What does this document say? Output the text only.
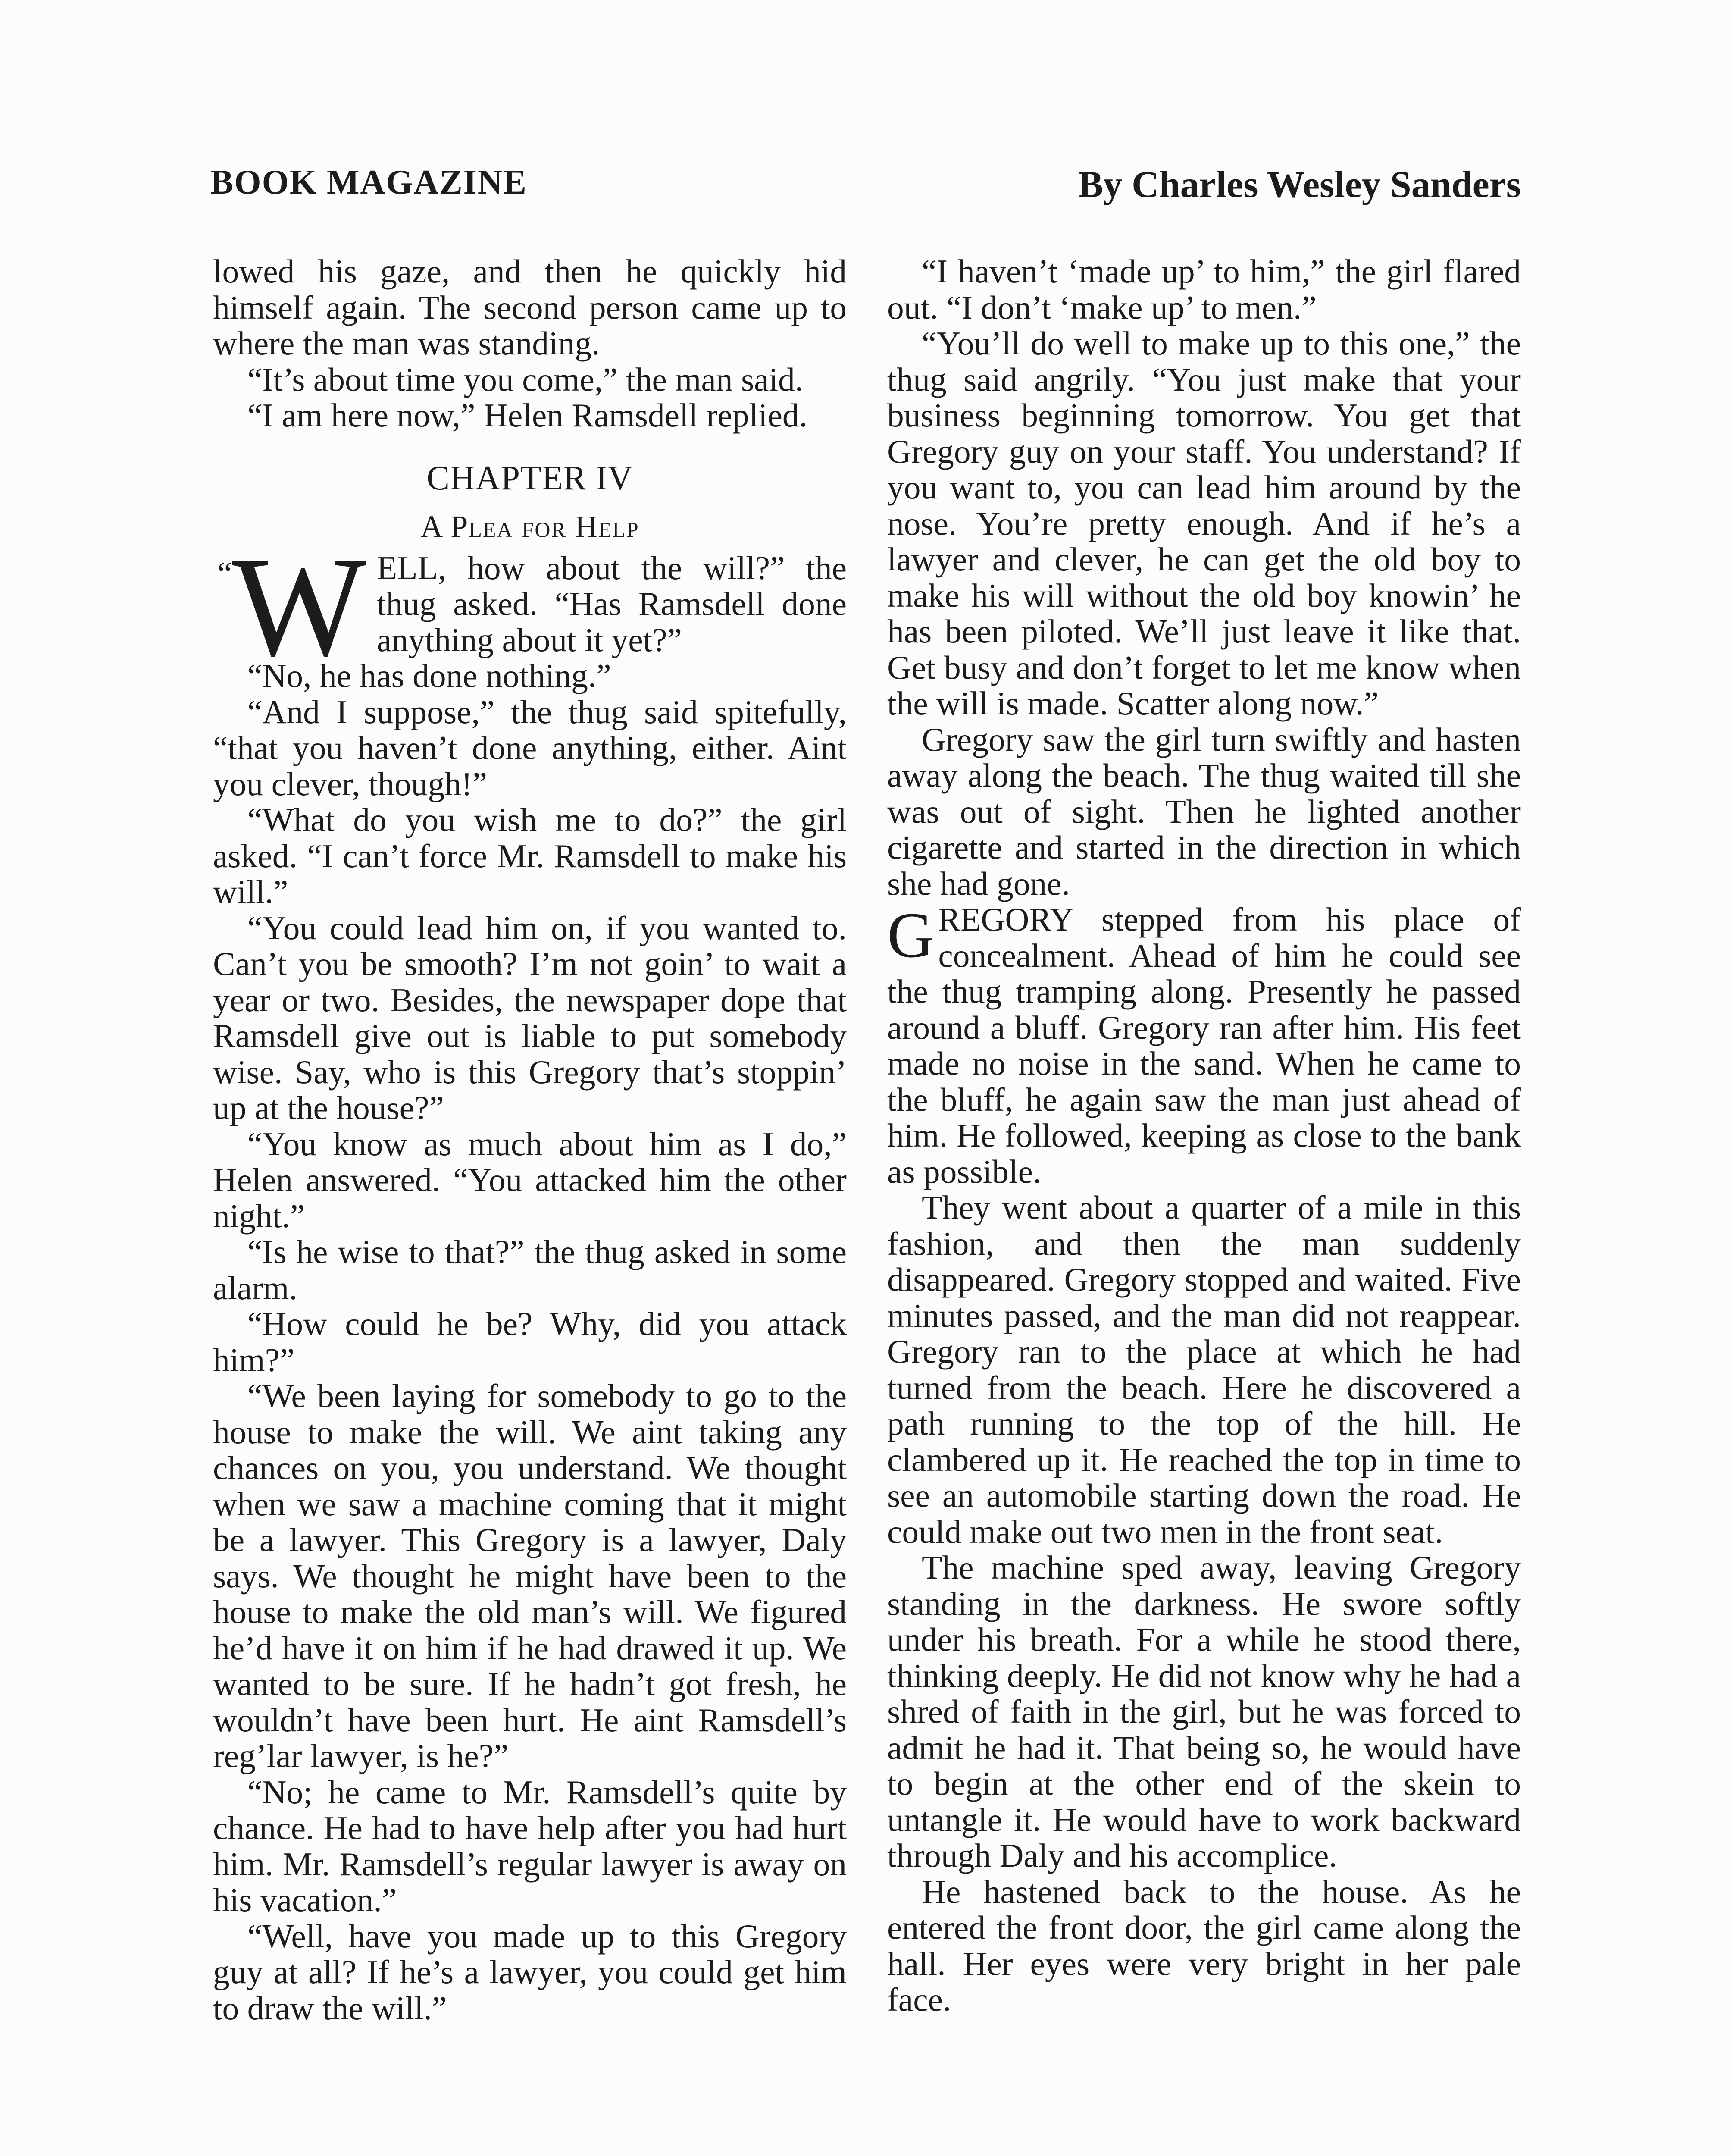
BOOK MAGAZINE	By Charles Wesley Sanders

lowed his gaze, and then he quickly hid himself again. The second person came up to where the man was standing.

“It’s about time you come,” the man said.

“I am here now,” Helen Ramsdell replied.

CHAPTER IV
A Plea for Help

“W ELL, how about the will?” the thug asked. “Has Ramsdell done anything about it yet?”

“No, he has done nothing.”

“And I suppose,” the thug said spitefully, “that you haven’t done anything, either. Aint you clever, though!”

“What do you wish me to do?” the girl asked. “I can’t force Mr. Ramsdell to make his will.”

“You could lead him on, if you wanted to. Can’t you be smooth? I’m not goin’ to wait a year or two. Besides, the newspaper dope that Ramsdell give out is liable to put somebody wise. Say, who is this Gregory that’s stoppin’ up at the house?”

“You know as much about him as I do,” Helen answered. “You attacked him the other night.”

“Is he wise to that?” the thug asked in some alarm.

“How could he be? Why, did you attack him?”

“We been laying for somebody to go to the house to make the will. We aint taking any chances on you, you understand. We thought when we saw a machine coming that it might be a lawyer. This Gregory is a lawyer, Daly says. We thought he might have been to the house to make the old man’s will. We figured he’d have it on him if he had drawed it up. We wanted to be sure. If he hadn’t got fresh, he wouldn’t have been hurt. He aint Ramsdell’s reg’lar lawyer, is he?”

“No; he came to Mr. Ramsdell’s quite by chance. He had to have help after you had hurt him. Mr. Ramsdell’s regular lawyer is away on his vacation.”

“Well, have you made up to this Gregory guy at all? If he’s a lawyer, you could get him to draw the will.”

“I haven’t ‘made up’ to him,” the girl flared out. “I don’t ‘make up’ to men.”

“You’ll do well to make up to this one,” the thug said angrily. “You just make that your business beginning tomorrow. You get that Gregory guy on your staff. You understand? If you want to, you can lead him around by the nose. You’re pretty enough. And if he’s a lawyer and clever, he can get the old boy to make his will without the old boy knowin’ he has been piloted. We’ll just leave it like that. Get busy and don’t forget to let me know when the will is made. Scatter along now.”

Gregory saw the girl turn swiftly and hasten away along the beach. The thug waited till she was out of sight. Then he lighted another cigarette and started in the direction in which she had gone.

GREGORY stepped from his place of concealment. Ahead of him he could see the thug tramping along. Presently he passed around a bluff. Gregory ran after him. His feet made no noise in the sand. When he came to the bluff, he again saw the man just ahead of him. He followed, keeping as close to the bank as possible.

They went about a quarter of a mile in this fashion, and then the man suddenly disappeared. Gregory stopped and waited. Five minutes passed, and the man did not reappear. Gregory ran to the place at which he had turned from the beach. Here he discovered a path running to the top of the hill. He clambered up it. He reached the top in time to see an automobile starting down the road. He could make out two men in the front seat.

The machine sped away, leaving Gregory standing in the darkness. He swore softly under his breath. For a while he stood there, thinking deeply. He did not know why he had a shred of faith in the girl, but he was forced to admit he had it. That being so, he would have to begin at the other end of the skein to untangle it. He would have to work backward through Daly and his accomplice.

He hastened back to the house. As he entered the front door, the girl came along the hall. Her eyes were very bright in her pale face.
